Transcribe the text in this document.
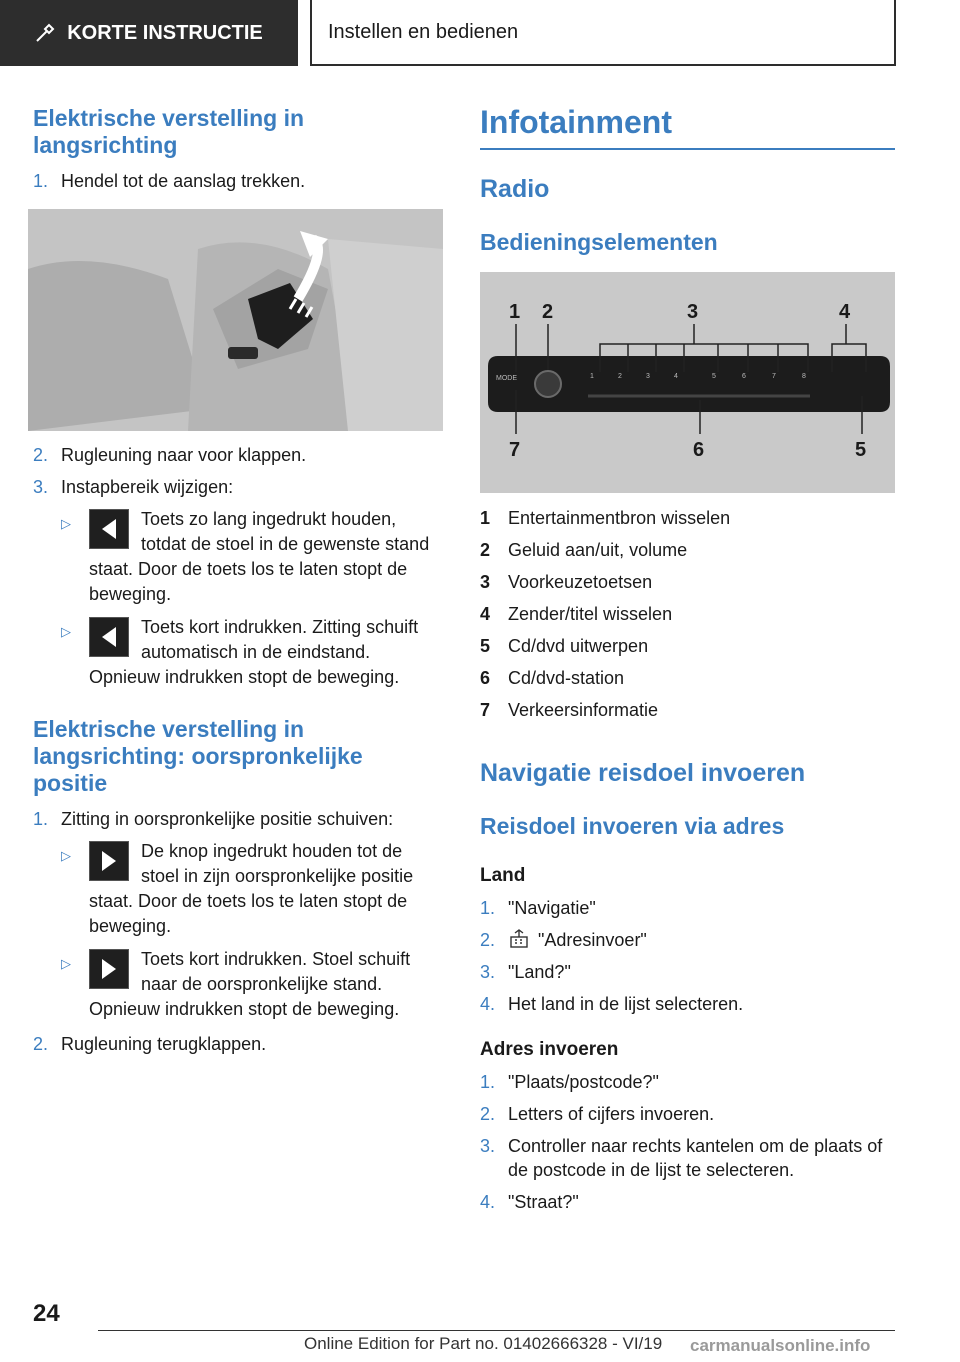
KORTE INSTRUCTIE	Instellen en bedienen
Elektrische verstelling in langsrichting
1. Hendel tot de aanslag trekken.
2. Rugleuning naar voor klappen.
3. Instapbereik wijzigen:
▷	Toets zo lang ingedrukt houden, totdat de stoel in de gewenste stand staat. Door de toets los te laten stopt de beweging.
▷	Toets kort indrukken. Zitting schuift automatisch in de eindstand. Opnieuw indrukken stopt de beweging.
Elektrische verstelling in langsrichting: oorspronkelijke positie
1. Zitting in oorspronkelijke positie schuiven:
▷	De knop ingedrukt houden tot de stoel in zijn oorspronkelijke positie staat. Door de toets los te laten stopt de beweging.
▷	Toets kort indrukken. Stoel schuift naar de oorspronkelijke stand. Opnieuw indrukken stopt de beweging.
2. Rugleuning terugklappen.
Infotainment
Radio
Bedieningselementen
MODE	1	2	3	4	5	6	7	8
1 2	3	4
5
6
7
1 Entertainmentbron wisselen
2 Geluid aan/uit, volume
3 Voorkeuzetoetsen
4 Zender/titel wisselen
5 Cd/dvd uitwerpen
6 Cd/dvd-station
7 Verkeersinformatie
Navigatie reisdoel invoeren
Reisdoel invoeren via adres
Land
1. "Navigatie"
2.	"Adresinvoer"
3. "Land?"
4. Het land in de lijst selecteren.
Adres invoeren
1. "Plaats/postcode?"
2. Letters of cijfers invoeren.
3. Controller naar rechts kantelen om de plaats of de postcode in de lijst te selecteren.
4. "Straat?"
24
Online Edition for Part no. 01402666328 - VI/19 carmanualsonline.info
